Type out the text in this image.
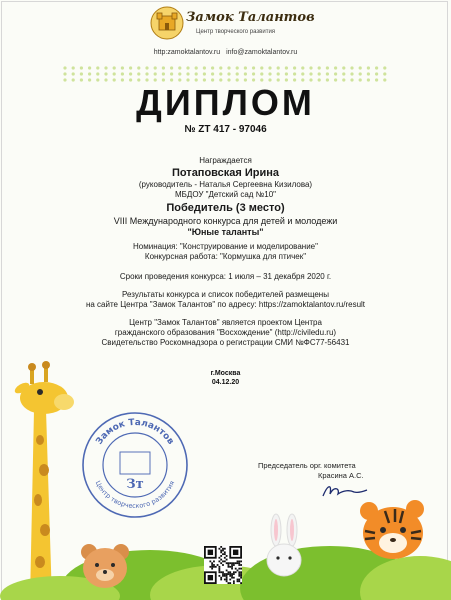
Замок Талантов
Центр творческого развития
http:zamoktalantov.ru info@zamoktalantov.ru
ДИПЛОМ
№ ZT 417 - 97046
Награждается
Потаповская Ирина
(руководитель - Наталья Сергеевна Кизилова)
МБДОУ "Детский сад №10"
Победитель (3 место)
VIII Международного конкурса для детей и молодежи
"Юные таланты"
Номинация: "Конструирование и моделирование"
Конкурсная работа: "Кормушка для птичек"
Сроки проведения конкурса: 1 июля – 31 декабря 2020 г.
Результаты конкурса и список победителей размещены
на сайте Центра "Замок Талантов" по адресу: https://zamoktalantov.ru/result
Центр "Замок Талантов" является проектом Центра
гражданского образования "Восхождение" (http://civiledu.ru)
Свидетельство Роскомнадзора о регистрации СМИ №ФС77-56431
г.Москва
04.12.20
Замок Талантов
Центр творческого развития
Зт
Председатель орг. комитета
Красина А.С.
